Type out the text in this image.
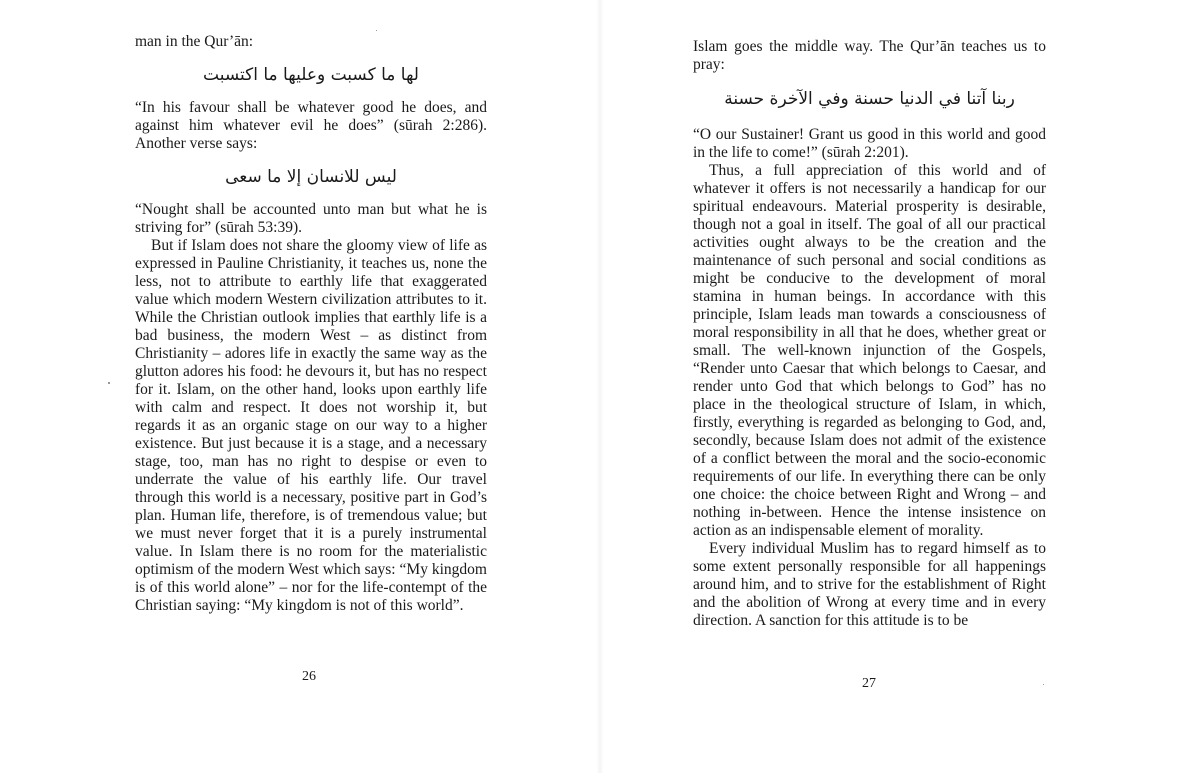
man in the Qur’ān:

لها ما كسبت وعليها ما اكتسبت

“In his favour shall be whatever good he does, and against him whatever evil he does” (sūrah 2:286). Another verse says:

ليس للانسان إلا ما سعى

“Nought shall be accounted unto man but what he is striving for” (sūrah 53:39).

But if Islam does not share the gloomy view of life as expressed in Pauline Christianity, it teaches us, none the less, not to attribute to earthly life that exaggerated value which modern Western civilization attributes to it. While the Christian outlook implies that earthly life is a bad business, the modern West – as distinct from Christianity – adores life in exactly the same way as the glutton adores his food: he devours it, but has no respect for it. Islam, on the other hand, looks upon earthly life with calm and respect. It does not worship it, but regards it as an organic stage on our way to a higher existence. But just because it is a stage, and a necessary stage, too, man has no right to despise or even to underrate the value of his earthly life. Our travel through this world is a necessary, positive part in God’s plan. Human life, therefore, is of tremendous value; but we must never forget that it is a purely instrumental value. In Islam there is no room for the materialistic optimism of the modern West which says: “My kingdom is of this world alone” – nor for the life-contempt of the Christian saying: “My kingdom is not of this world”.

26

Islam goes the middle way. The Qur’ān teaches us to pray:

ربنا آتنا في الدنيا حسنة وفي الآخرة حسنة

“O our Sustainer! Grant us good in this world and good in the life to come!” (sūrah 2:201).

Thus, a full appreciation of this world and of whatever it offers is not necessarily a handicap for our spiritual endeavours. Material prosperity is desirable, though not a goal in itself. The goal of all our practical activities ought always to be the creation and the maintenance of such personal and social conditions as might be conducive to the development of moral stamina in human beings. In accordance with this principle, Islam leads man towards a consciousness of moral responsibility in all that he does, whether great or small. The well-known injunction of the Gospels, “Render unto Caesar that which belongs to Caesar, and render unto God that which belongs to God” has no place in the theological structure of Islam, in which, firstly, everything is regarded as belonging to God, and, secondly, because Islam does not admit of the existence of a conflict between the moral and the socio-economic requirements of our life. In everything there can be only one choice: the choice between Right and Wrong – and nothing in-between. Hence the intense insistence on action as an indispensable element of morality.

Every individual Muslim has to regard himself as to some extent personally responsible for all happenings around him, and to strive for the establishment of Right and the abolition of Wrong at every time and in every direction. A sanction for this attitude is to be

27
